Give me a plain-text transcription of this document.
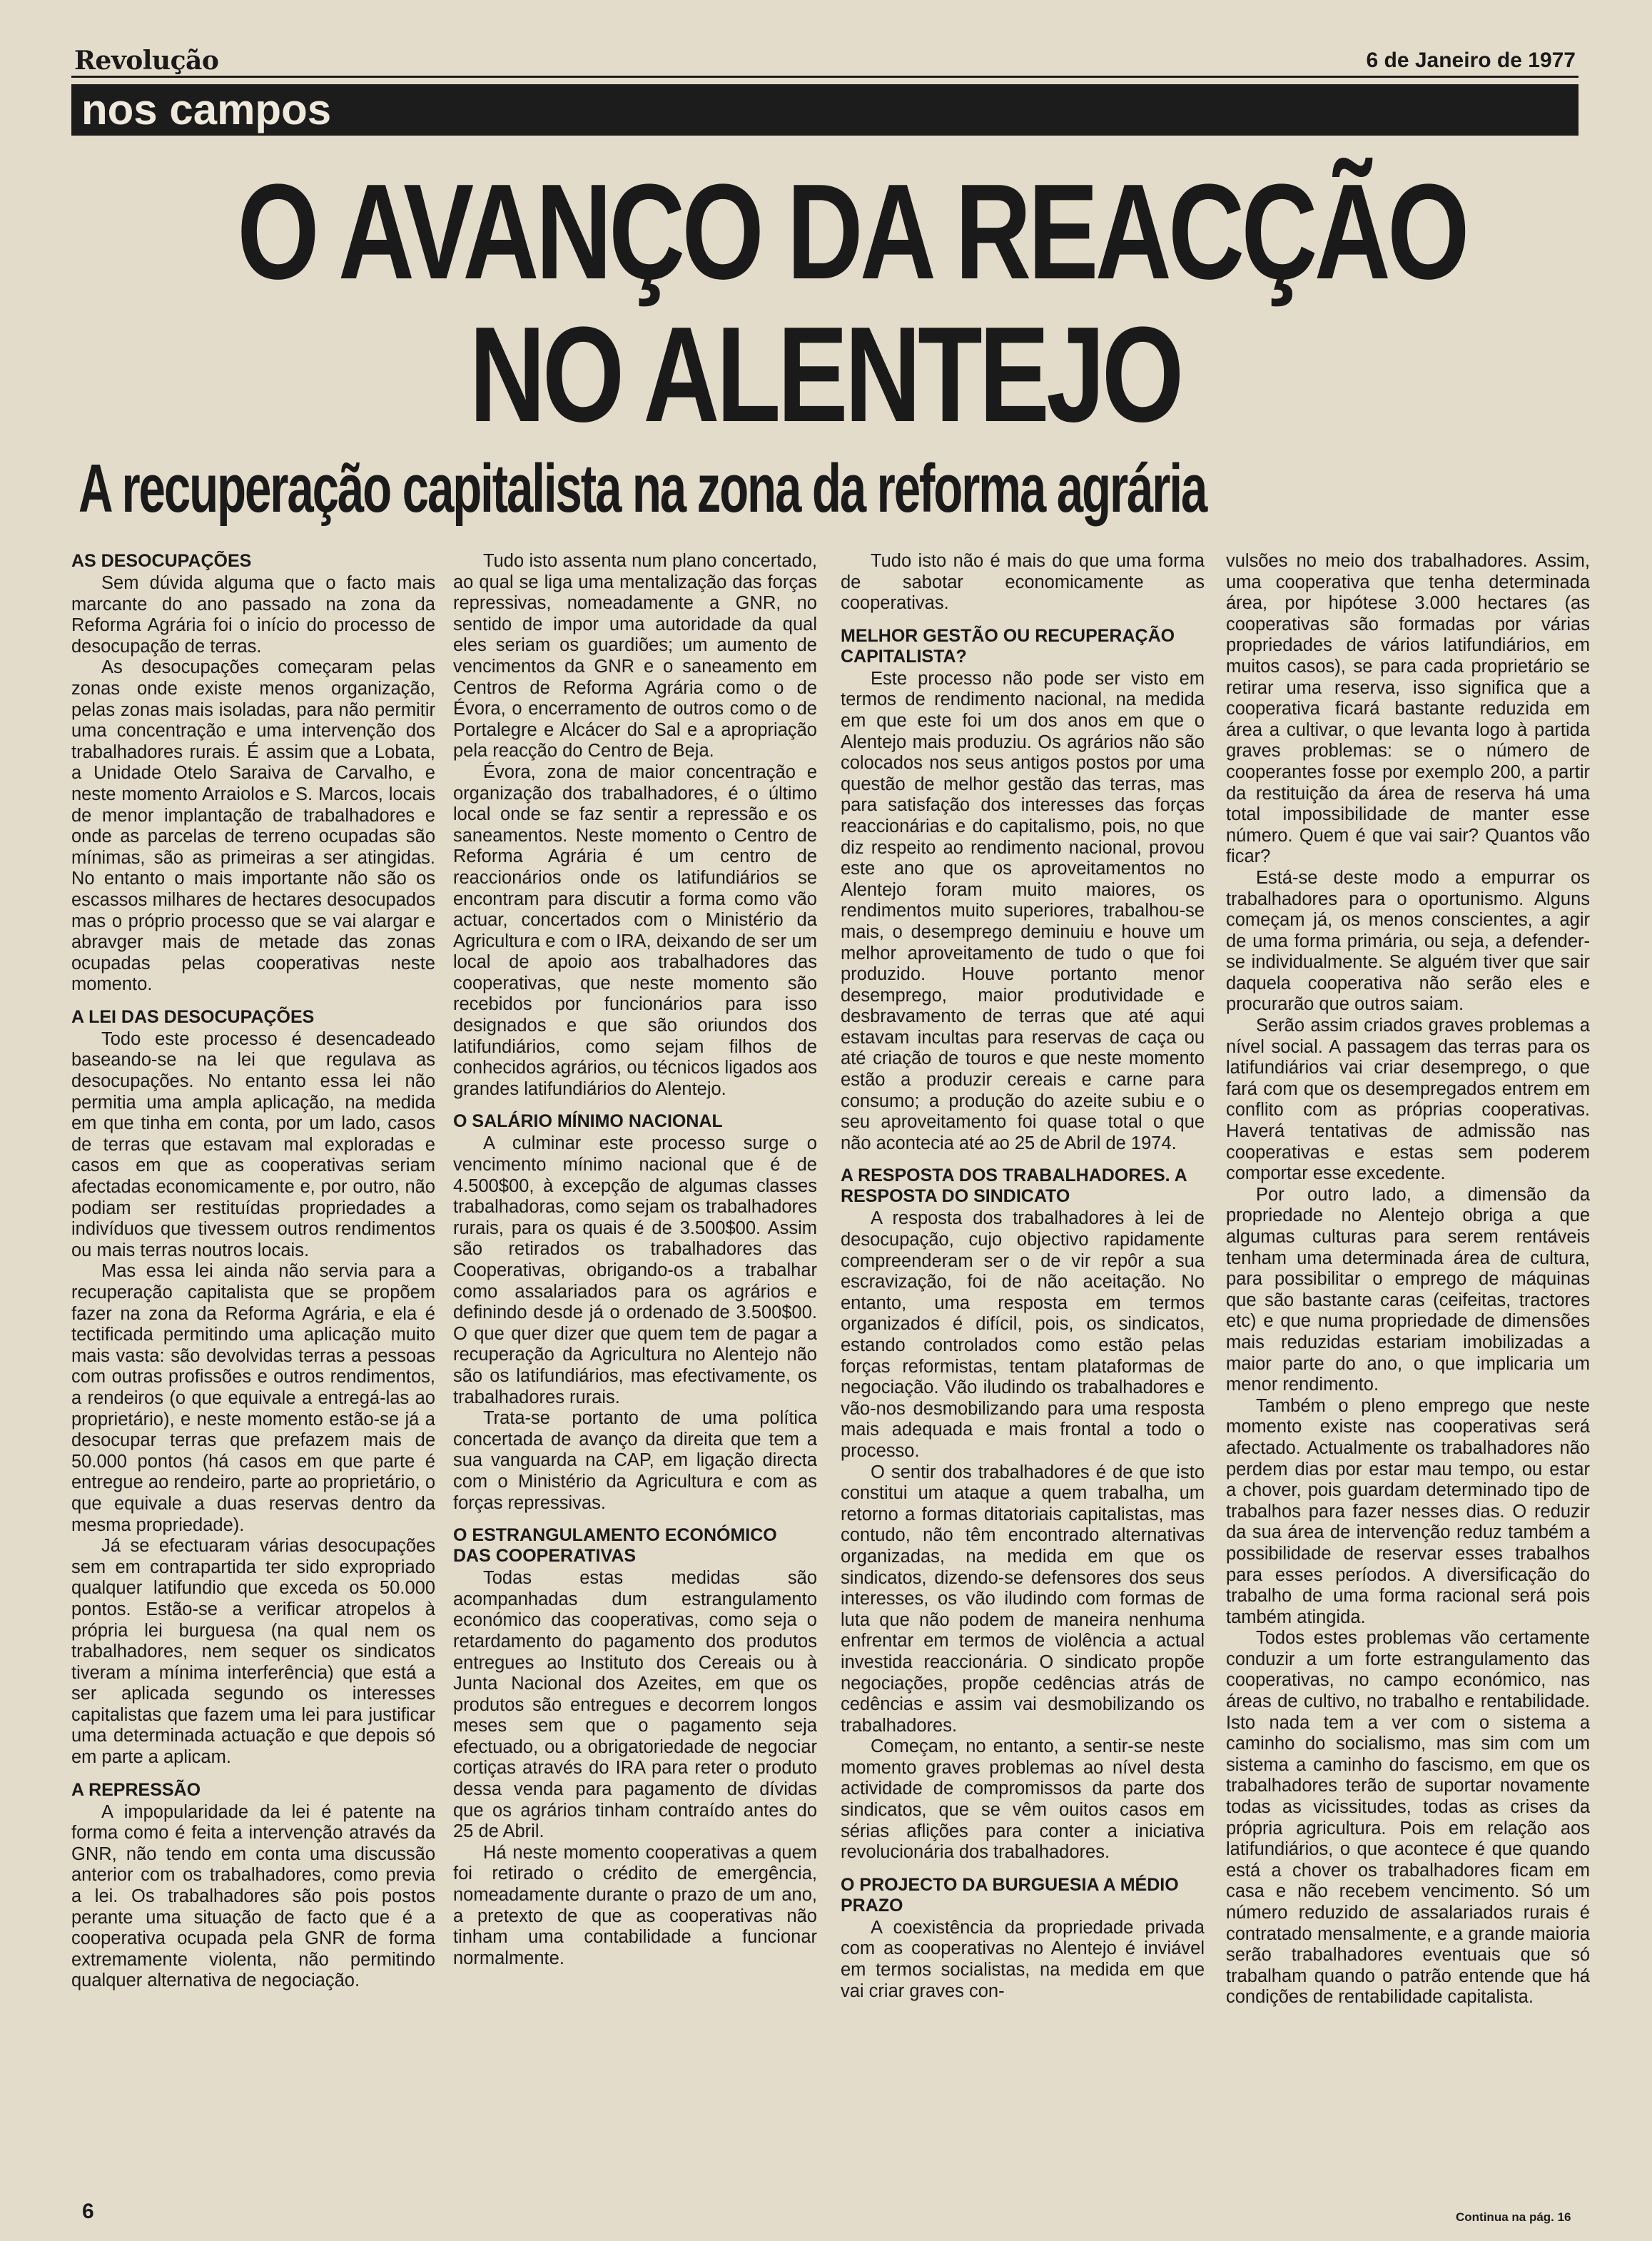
Revolução	6 de Janeiro de 1977
nos campos
O AVANÇO DA REACÇÃO
NO ALENTEJO
A recuperação capitalista na zona da reforma agrária
AS DESOCUPAÇÕES

Sem dúvida alguma que o facto mais marcante do ano passado na zona da Reforma Agrária foi o início do processo de desocupação de terras.

As desocupações começaram pelas zonas onde existe menos organização, pelas zonas mais isoladas, para não permitir uma concentração e uma intervenção dos trabalhadores rurais. É assim que a Lobata, a Unidade Otelo Saraiva de Carvalho, e neste momento Arraiolos e S. Marcos, locais de menor implantação de trabalhadores e onde as parcelas de terreno ocupadas são mínimas, são as primeiras a ser atingidas. No entanto o mais importante não são os escassos milhares de hectares desocupados mas o próprio processo que se vai alargar e abravger mais de metade das zonas ocupadas pelas cooperativas neste momento.

A LEI DAS DESOCUPAÇÕES

Todo este processo é desencadeado baseando-se na lei que regulava as desocupações. No entanto essa lei não permitia uma ampla aplicação, na medida em que tinha em conta, por um lado, casos de terras que estavam mal exploradas e casos em que as cooperativas seriam afectadas economicamente e, por outro, não podiam ser restituídas propriedades a indivíduos que tivessem outros rendimentos ou mais terras noutros locais.

Mas essa lei ainda não servia para a recuperação capitalista que se propõem fazer na zona da Reforma Agrária, e ela é tectificada permitindo uma aplicação muito mais vasta: são devolvidas terras a pessoas com outras profissões e outros rendimentos, a rendeiros (o que equivale a entregá-las ao proprietário), e neste momento estão-se já a desocupar terras que prefazem mais de 50.000 pontos (há casos em que parte é entregue ao rendeiro, parte ao proprietário, o que equivale a duas reservas dentro da mesma propriedade).

Já se efectuaram várias desocupações sem em contrapartida ter sido expropriado qualquer latifundio que exceda os 50.000 pontos. Estão-se a verificar atropelos à própria lei burguesa (na qual nem os trabalhadores, nem sequer os sindicatos tiveram a mínima interferência) que está a ser aplicada segundo os interesses capitalistas que fazem uma lei para justificar uma determinada actuação e que depois só em parte a aplicam.

A REPRESSÃO

A impopularidade da lei é patente na forma como é feita a intervenção através da GNR, não tendo em conta uma discussão anterior com os trabalhadores, como previa a lei. Os trabalhadores são pois postos perante uma situação de facto que é a cooperativa ocupada pela GNR de forma extremamente violenta, não permitindo qualquer alternativa de negociação.

Tudo isto assenta num plano concertado, ao qual se liga uma mentalização das forças repressivas, nomeadamente a GNR, no sentido de impor uma autoridade da qual eles seriam os guardiões; um aumento de vencimentos da GNR e o saneamento em Centros de Reforma Agrária como o de Évora, o encerramento de outros como o de Portalegre e Alcácer do Sal e a apropriação pela reacção do Centro de Beja.

Évora, zona de maior concentração e organização dos trabalhadores, é o último local onde se faz sentir a repressão e os saneamentos. Neste momento o Centro de Reforma Agrária é um centro de reaccionários onde os latifundiários se encontram para discutir a forma como vão actuar, concertados com o Ministério da Agricultura e com o IRA, deixando de ser um local de apoio aos trabalhadores das cooperativas, que neste momento são recebidos por funcionários para isso designados e que são oriundos dos latifundiários, como sejam filhos de conhecidos agrários, ou técnicos ligados aos grandes latifundiários do Alentejo.

O SALÁRIO MÍNIMO NACIONAL

A culminar este processo surge o vencimento mínimo nacional que é de 4.500$00, à excepção de algumas classes trabalhadoras, como sejam os trabalhadores rurais, para os quais é de 3.500$00. Assim são retirados os trabalhadores das Cooperativas, obrigando-os a trabalhar como assalariados para os agrários e definindo desde já o ordenado de 3.500$00. O que quer dizer que quem tem de pagar a recuperação da Agricultura no Alentejo não são os latifundiários, mas efectivamente, os trabalhadores rurais.

Trata-se portanto de uma política concertada de avanço da direita que tem a sua vanguarda na CAP, em ligação directa com o Ministério da Agricultura e com as forças repressivas.

O ESTRANGULAMENTO ECONÓMICO DAS COOPERATIVAS

Todas estas medidas são acompanhadas dum estrangulamento económico das cooperativas, como seja o retardamento do pagamento dos produtos entregues ao Instituto dos Cereais ou à Junta Nacional dos Azeites, em que os produtos são entregues e decorrem longos meses sem que o pagamento seja efectuado, ou a obrigatoriedade de negociar cortiças através do IRA para reter o produto dessa venda para pagamento de dívidas que os agrários tinham contraído antes do 25 de Abril.

Há neste momento cooperativas a quem foi retirado o crédito de emergência, nomeadamente durante o prazo de um ano, a pretexto de que as cooperativas não tinham uma contabilidade a funcionar normalmente.

Tudo isto não é mais do que uma forma de sabotar economicamente as cooperativas.

MELHOR GESTÃO OU RECUPERAÇÃO CAPITALISTA?

Este processo não pode ser visto em termos de rendimento nacional, na medida em que este foi um dos anos em que o Alentejo mais produziu. Os agrários não são colocados nos seus antigos postos por uma questão de melhor gestão das terras, mas para satisfação dos interesses das forças reaccionárias e do capitalismo, pois, no que diz respeito ao rendimento nacional, provou este ano que os aproveitamentos no Alentejo foram muito maiores, os rendimentos muito superiores, trabalhou-se mais, o desemprego deminuiu e houve um melhor aproveitamento de tudo o que foi produzido. Houve portanto menor desemprego, maior produtividade e desbravamento de terras que até aqui estavam incultas para reservas de caça ou até criação de touros e que neste momento estão a produzir cereais e carne para consumo; a produção do azeite subiu e o seu aproveitamento foi quase total o que não acontecia até ao 25 de Abril de 1974.

A RESPOSTA DOS TRABALHADORES. A RESPOSTA DO SINDICATO

A resposta dos trabalhadores à lei de desocupação, cujo objectivo rapidamente compreenderam ser o de vir repôr a sua escravização, foi de não aceitação. No entanto, uma resposta em termos organizados é difícil, pois, os sindicatos, estando controlados como estão pelas forças reformistas, tentam plataformas de negociação. Vão iludindo os trabalhadores e vão-nos desmobilizando para uma resposta mais adequada e mais frontal a todo o processo.

O sentir dos trabalhadores é de que isto constitui um ataque a quem trabalha, um retorno a formas ditatoriais capitalistas, mas contudo, não têm encontrado alternativas organizadas, na medida em que os sindicatos, dizendo-se defensores dos seus interesses, os vão iludindo com formas de luta que não podem de maneira nenhuma enfrentar em termos de violência a actual investida reaccionária. O sindicato propõe negociações, propõe cedências atrás de cedências e assim vai desmobilizando os trabalhadores.

Começam, no entanto, a sentir-se neste momento graves problemas ao nível desta actividade de compromissos da parte dos sindicatos, que se vêm ouitos casos em sérias aflições para conter a iniciativa revolucionária dos trabalhadores.

O PROJECTO DA BURGUESIA A MÉDIO PRAZO

A coexistência da propriedade privada com as cooperativas no Alentejo é inviável em termos socialistas, na medida em que vai criar graves con-

vulsões no meio dos trabalhadores. Assim, uma cooperativa que tenha determinada área, por hipótese 3.000 hectares (as cooperativas são formadas por várias propriedades de vários latifundiários, em muitos casos), se para cada proprietário se retirar uma reserva, isso significa que a cooperativa ficará bastante reduzida em área a cultivar, o que levanta logo à partida graves problemas: se o número de cooperantes fosse por exemplo 200, a partir da restituição da área de reserva há uma total impossibilidade de manter esse número. Quem é que vai sair? Quantos vão ficar?

Está-se deste modo a empurrar os trabalhadores para o oportunismo. Alguns começam já, os menos conscientes, a agir de uma forma primária, ou seja, a defender-se individualmente. Se alguém tiver que sair daquela cooperativa não serão eles e procurarão que outros saiam.

Serão assim criados graves problemas a nível social. A passagem das terras para os latifundiários vai criar desemprego, o que fará com que os desempregados entrem em conflito com as próprias cooperativas. Haverá tentativas de admissão nas cooperativas e estas sem poderem comportar esse excedente.

Por outro lado, a dimensão da propriedade no Alentejo obriga a que algumas culturas para serem rentáveis tenham uma determinada área de cultura, para possibilitar o emprego de máquinas que são bastante caras (ceifeitas, tractores etc) e que numa propriedade de dimensões mais reduzidas estariam imobilizadas a maior parte do ano, o que implicaria um menor rendimento.

Também o pleno emprego que neste momento existe nas cooperativas será afectado. Actualmente os trabalhadores não perdem dias por estar mau tempo, ou estar a chover, pois guardam determinado tipo de trabalhos para fazer nesses dias. O reduzir da sua área de intervenção reduz também a possibilidade de reservar esses trabalhos para esses períodos. A diversificação do trabalho de uma forma racional será pois também atingida.

Todos estes problemas vão certamente conduzir a um forte estrangulamento das cooperativas, no campo económico, nas áreas de cultivo, no trabalho e rentabilidade. Isto nada tem a ver com o sistema a caminho do socialismo, mas sim com um sistema a caminho do fascismo, em que os trabalhadores terão de suportar novamente todas as vicissitudes, todas as crises da própria agricultura. Pois em relação aos latifundiários, o que acontece é que quando está a chover os trabalhadores ficam em casa e não recebem vencimento. Só um número reduzido de assalariados rurais é contratado mensalmente, e a grande maioria serão trabalhadores eventuais que só trabalham quando o patrão entende que há condições de rentabilidade capitalista.

Continua na pág. 16
6
